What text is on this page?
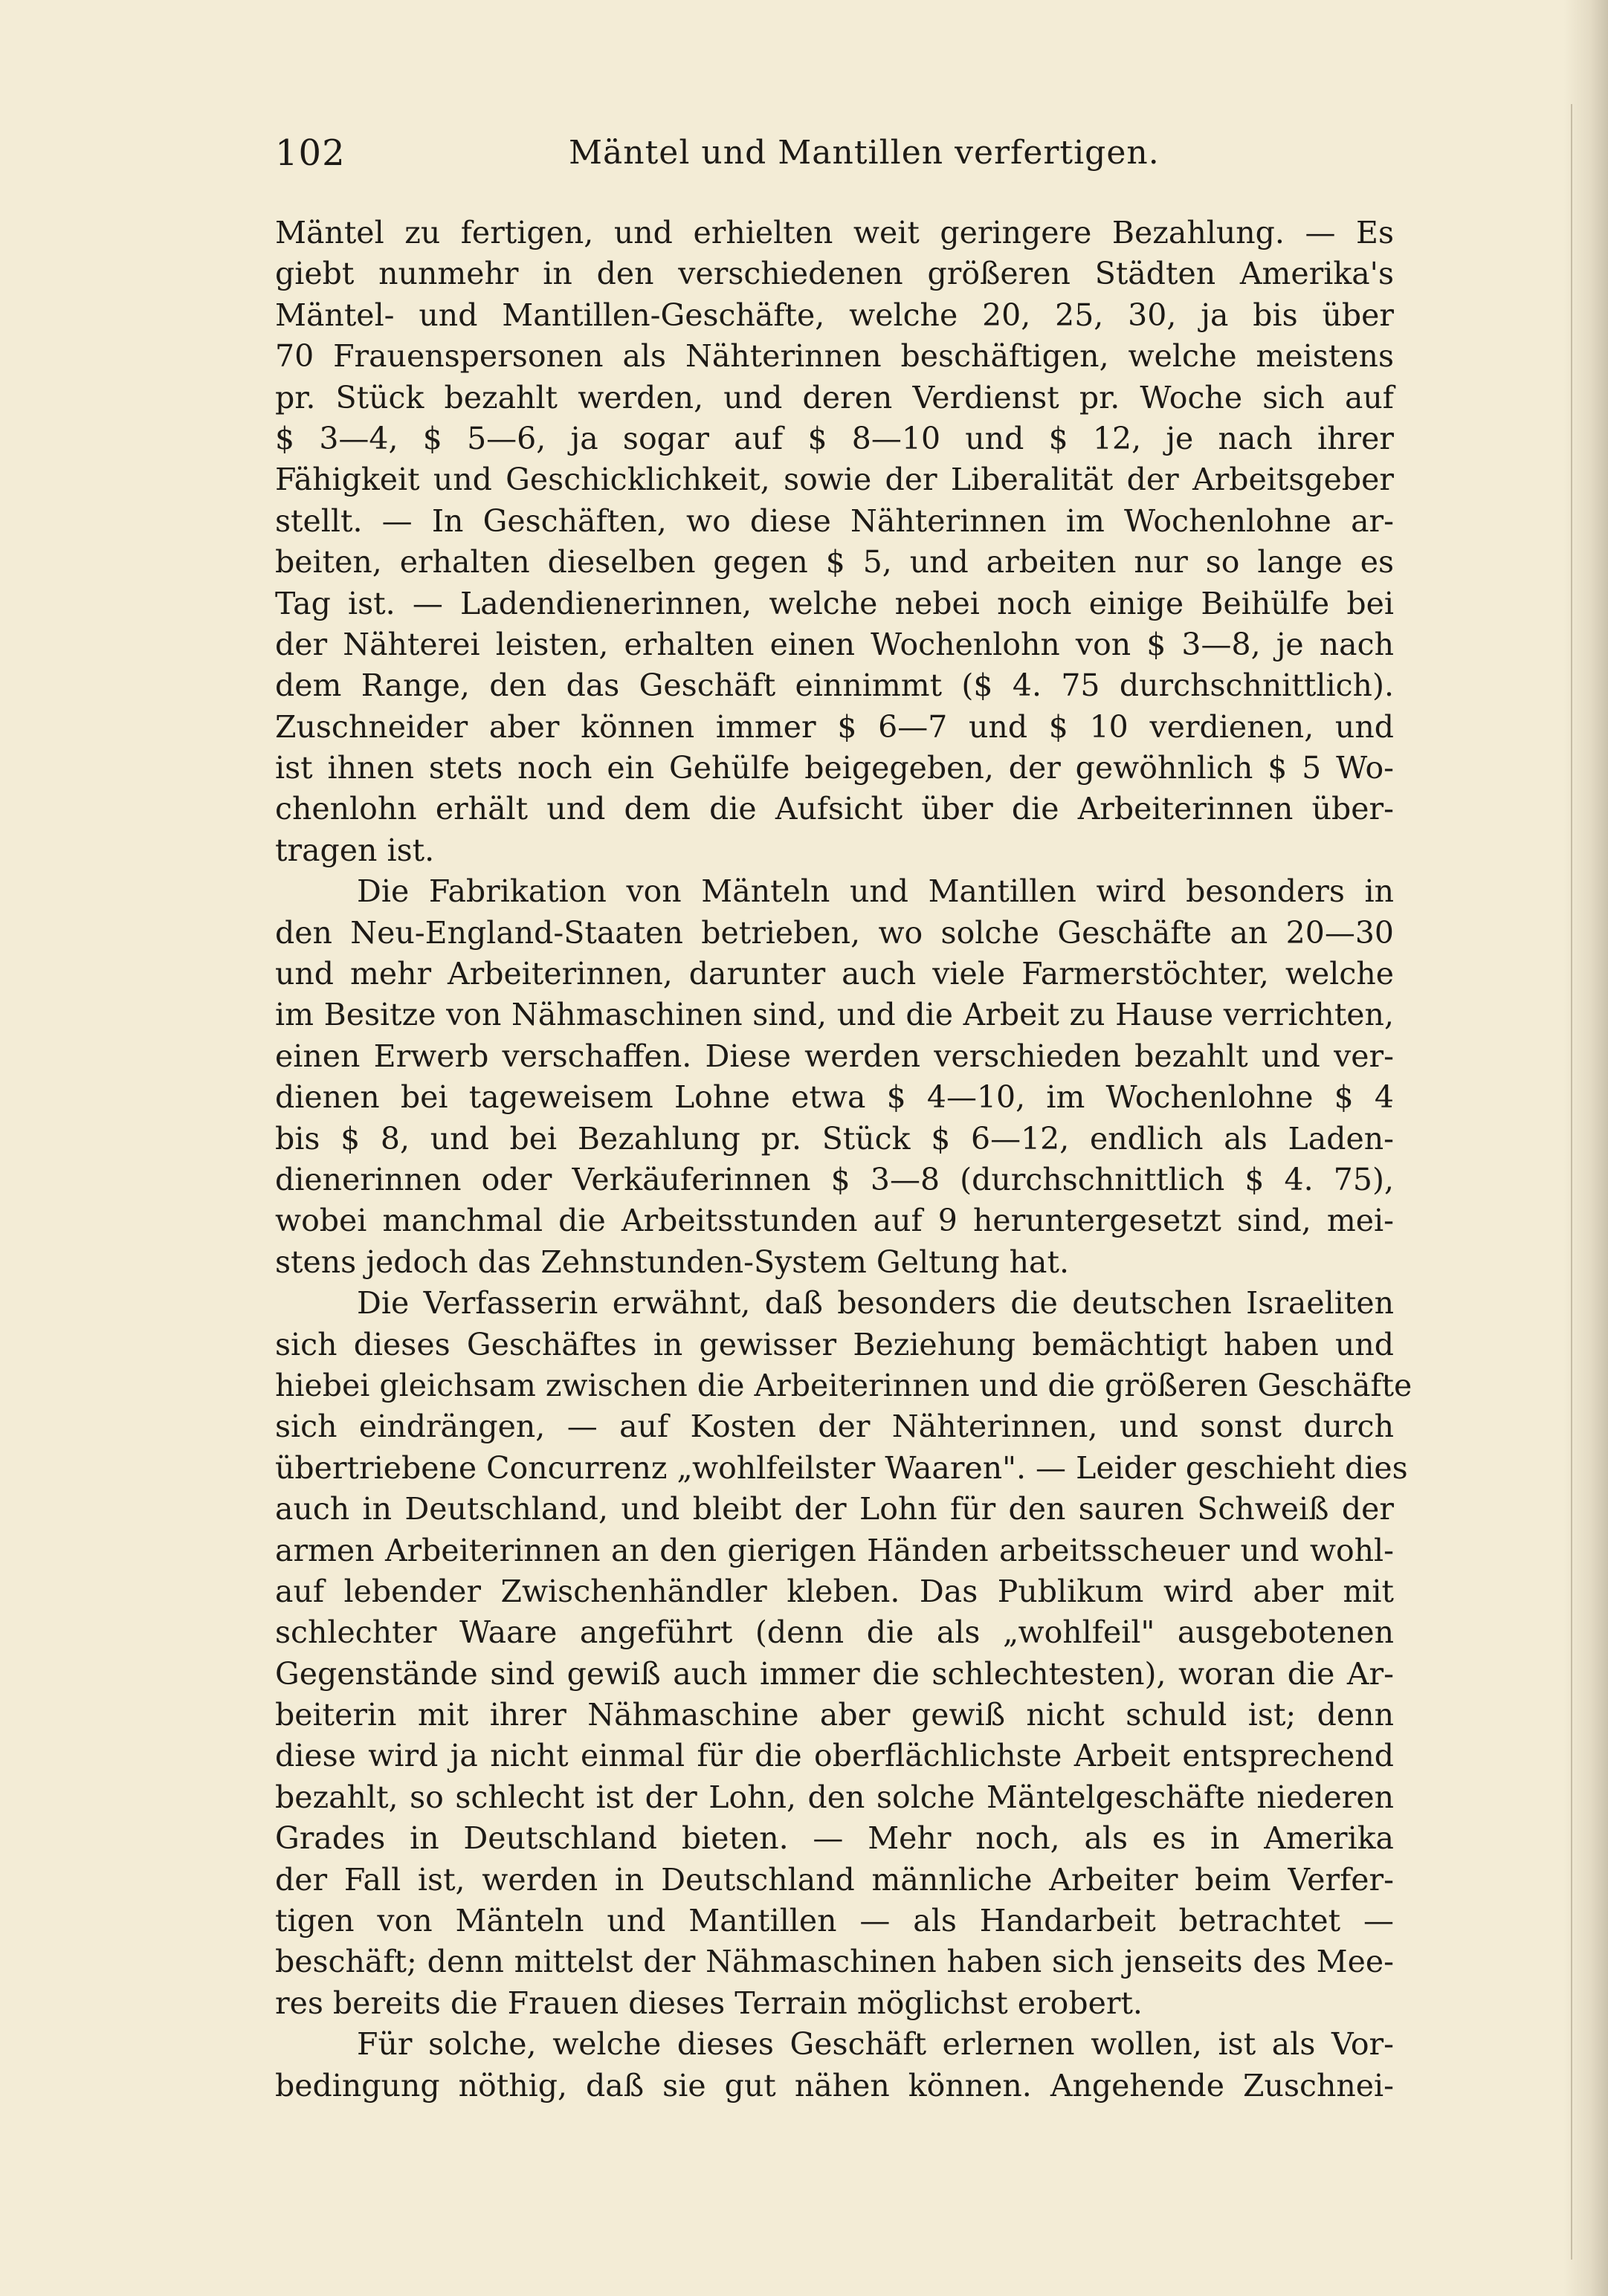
102	Mäntel und Mantillen verfertigen.
Mäntel zu fertigen, und erhielten weit geringere Bezahlung. — Es
giebt nunmehr in den verschiedenen größeren Städten Amerika's
Mäntel- und Mantillen-Geschäfte, welche 20, 25, 30, ja bis über
70 Frauenspersonen als Nähterinnen beschäftigen, welche meistens
pr. Stück bezahlt werden, und deren Verdienst pr. Woche sich auf
$ 3—4, $ 5—6, ja sogar auf $ 8—10 und $ 12, je nach ihrer
Fähigkeit und Geschicklichkeit, sowie der Liberalität der Arbeitsgeber
stellt. — In Geschäften, wo diese Nähterinnen im Wochenlohne ar-
beiten, erhalten dieselben gegen $ 5, und arbeiten nur so lange es
Tag ist. — Ladendienerinnen, welche nebei noch einige Beihülfe bei
der Nähterei leisten, erhalten einen Wochenlohn von $ 3—8, je nach
dem Range, den das Geschäft einnimmt ($ 4. 75 durchschnittlich).
Zuschneider aber können immer $ 6—7 und $ 10 verdienen, und
ist ihnen stets noch ein Gehülfe beigegeben, der gewöhnlich $ 5 Wo-
chenlohn erhält und dem die Aufsicht über die Arbeiterinnen über-
tragen ist.
Die Fabrikation von Mänteln und Mantillen wird besonders in
den Neu-England-Staaten betrieben, wo solche Geschäfte an 20—30
und mehr Arbeiterinnen, darunter auch viele Farmerstöchter, welche
im Besitze von Nähmaschinen sind, und die Arbeit zu Hause verrichten,
einen Erwerb verschaffen. Diese werden verschieden bezahlt und ver-
dienen bei tageweisem Lohne etwa $ 4—10, im Wochenlohne $ 4
bis $ 8, und bei Bezahlung pr. Stück $ 6—12, endlich als Laden-
dienerinnen oder Verkäuferinnen $ 3—8 (durchschnittlich $ 4. 75),
wobei manchmal die Arbeitsstunden auf 9 heruntergesetzt sind, mei-
stens jedoch das Zehnstunden-System Geltung hat.
Die Verfasserin erwähnt, daß besonders die deutschen Israeliten
sich dieses Geschäftes in gewisser Beziehung bemächtigt haben und
hiebei gleichsam zwischen die Arbeiterinnen und die größeren Geschäfte
sich eindrängen, — auf Kosten der Nähterinnen, und sonst durch
übertriebene Concurrenz „wohlfeilster Waaren". — Leider geschieht dies
auch in Deutschland, und bleibt der Lohn für den sauren Schweiß der
armen Arbeiterinnen an den gierigen Händen arbeitsscheuer und wohl-
auf lebender Zwischenhändler kleben. Das Publikum wird aber mit
schlechter Waare angeführt (denn die als „wohlfeil" ausgebotenen
Gegenstände sind gewiß auch immer die schlechtesten), woran die Ar-
beiterin mit ihrer Nähmaschine aber gewiß nicht schuld ist; denn
diese wird ja nicht einmal für die oberflächlichste Arbeit entsprechend
bezahlt, so schlecht ist der Lohn, den solche Mäntelgeschäfte niederen
Grades in Deutschland bieten. — Mehr noch, als es in Amerika
der Fall ist, werden in Deutschland männliche Arbeiter beim Verfer-
tigen von Mänteln und Mantillen — als Handarbeit betrachtet —
beschäft; denn mittelst der Nähmaschinen haben sich jenseits des Mee-
res bereits die Frauen dieses Terrain möglichst erobert.
Für solche, welche dieses Geschäft erlernen wollen, ist als Vor-
bedingung nöthig, daß sie gut nähen können. Angehende Zuschnei-
